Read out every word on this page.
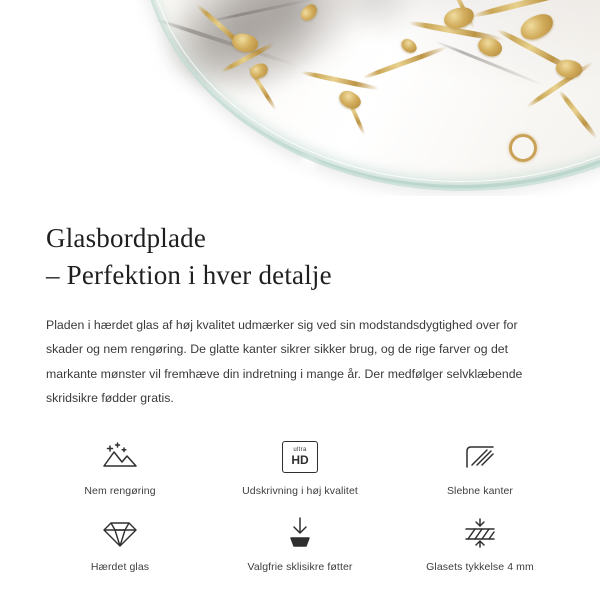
Glasbordplade
– Perfektion i hver detalje

Pladen i hærdet glas af høj kvalitet udmærker sig ved sin modstandsdygtighed over for skader og nem rengøring. De glatte kanter sikrer sikker brug, og de rige farver og det markante mønster vil fremhæve din indretning i mange år. Der medfølger selvklæbende skridsikre fødder gratis.

Nem rengøring
ultra
HD
Udskrivning i høj kvalitet	Slebne kanter
Hærdet glas	Valgfrie sklisikre føtter	Glasets tykkelse 4 mm
